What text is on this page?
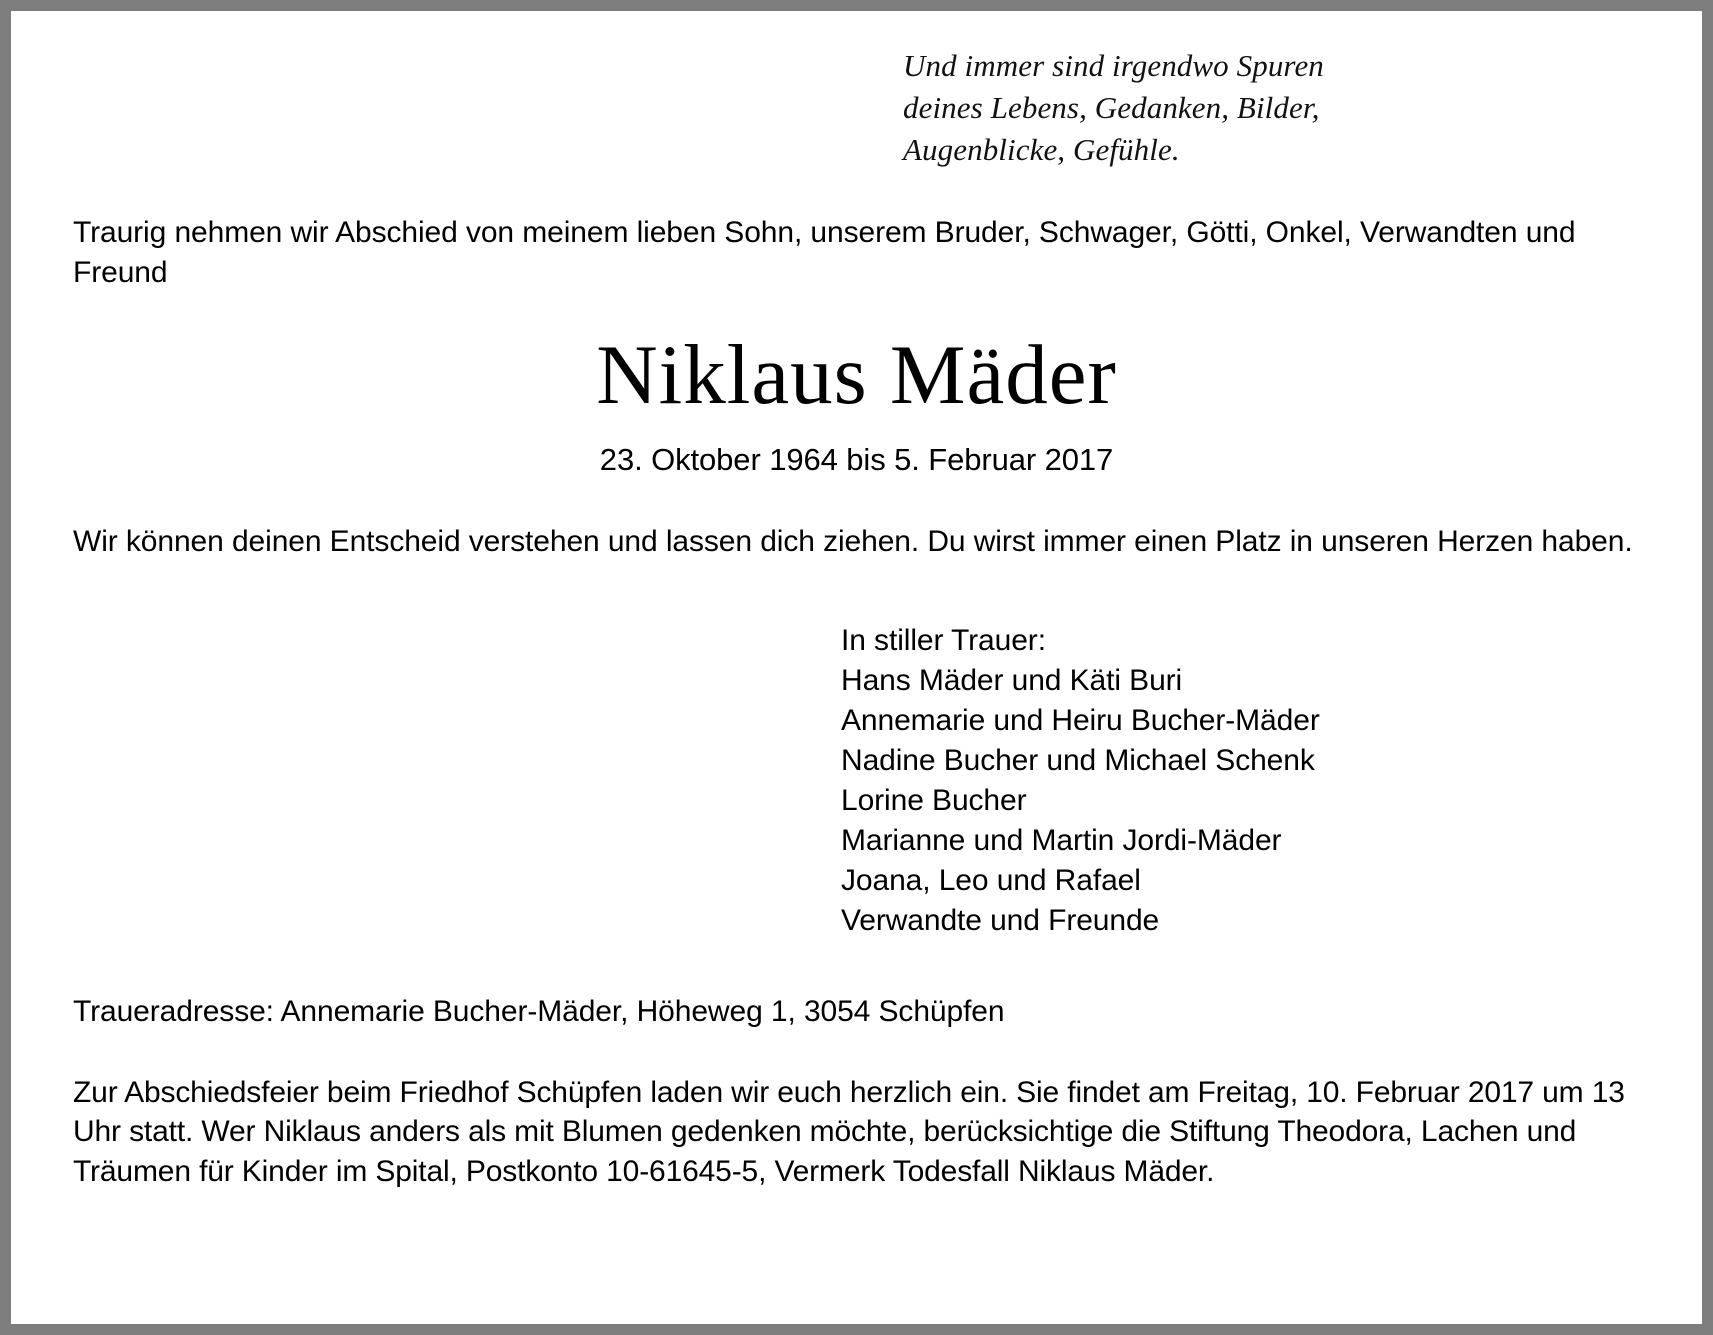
Und immer sind irgendwo Spuren
deines Lebens, Gedanken, Bilder,
Augenblicke, Gefühle.

Traurig nehmen wir Abschied von meinem lieben Sohn, unserem Bruder, Schwager, Götti, Onkel, Verwandten und Freund

Niklaus Mäder
23. Oktober 1964 bis 5. Februar 2017

Wir können deinen Entscheid verstehen und lassen dich ziehen. Du wirst immer einen Platz in unseren Herzen haben.

In stiller Trauer:
Hans Mäder und Käti Buri
Annemarie und Heiru Bucher-Mäder
Nadine Bucher und Michael Schenk
Lorine Bucher
Marianne und Martin Jordi-Mäder
Joana, Leo und Rafael
Verwandte und Freunde
Traueradresse: Annemarie Bucher-Mäder, Höheweg 1, 3054 Schüpfen

Zur Abschiedsfeier beim Friedhof Schüpfen laden wir euch herzlich ein. Sie findet am Freitag, 10. Februar 2017 um 13 Uhr statt. Wer Niklaus anders als mit Blumen gedenken möchte, berücksichtige die Stiftung Theodora, Lachen und Träumen für Kinder im Spital, Postkonto 10-61645-5, Vermerk Todesfall Niklaus Mäder.
